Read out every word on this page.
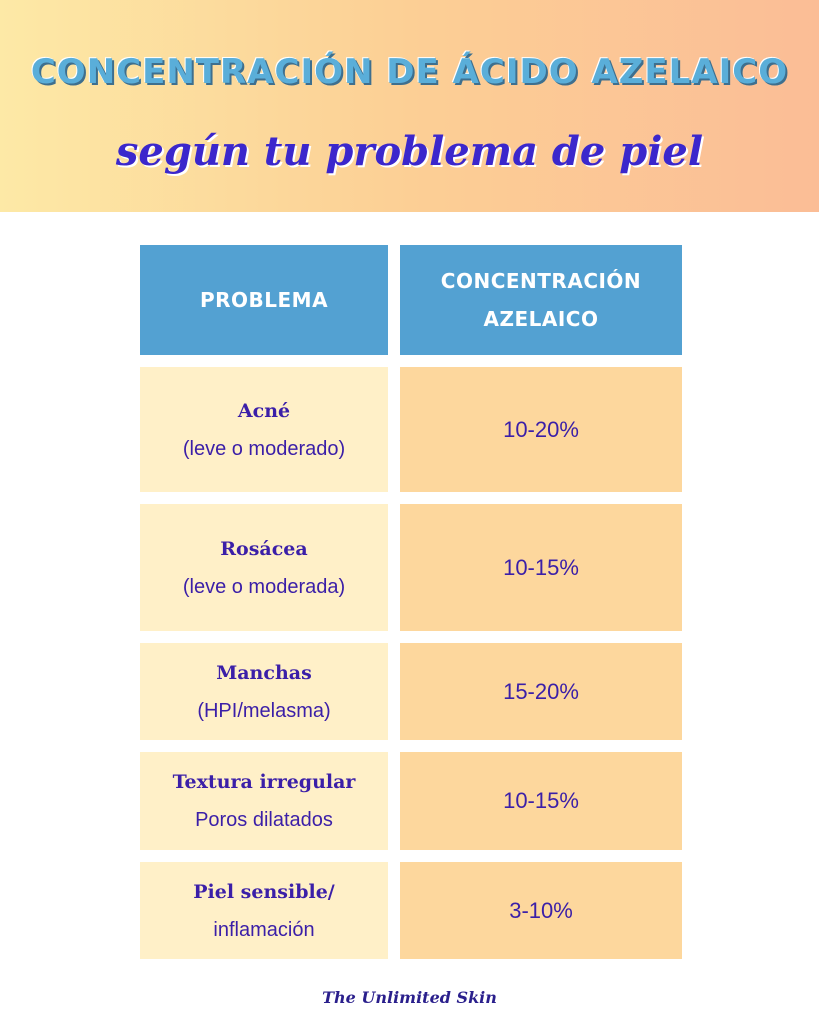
CONCENTRACIÓN DE ÁCIDO AZELAICO
según tu problema de piel
PROBLEMA
CONCENTRACIÓN
AZELAICO
Acné
(leve o moderado)
10-20%
Rosácea
(leve o moderada)
10-15%
Manchas
(HPI/melasma)
15-20%
Textura irregular
Poros dilatados
10-15%
Piel sensible/
inflamación
3-10%
The Unlimited Skin
